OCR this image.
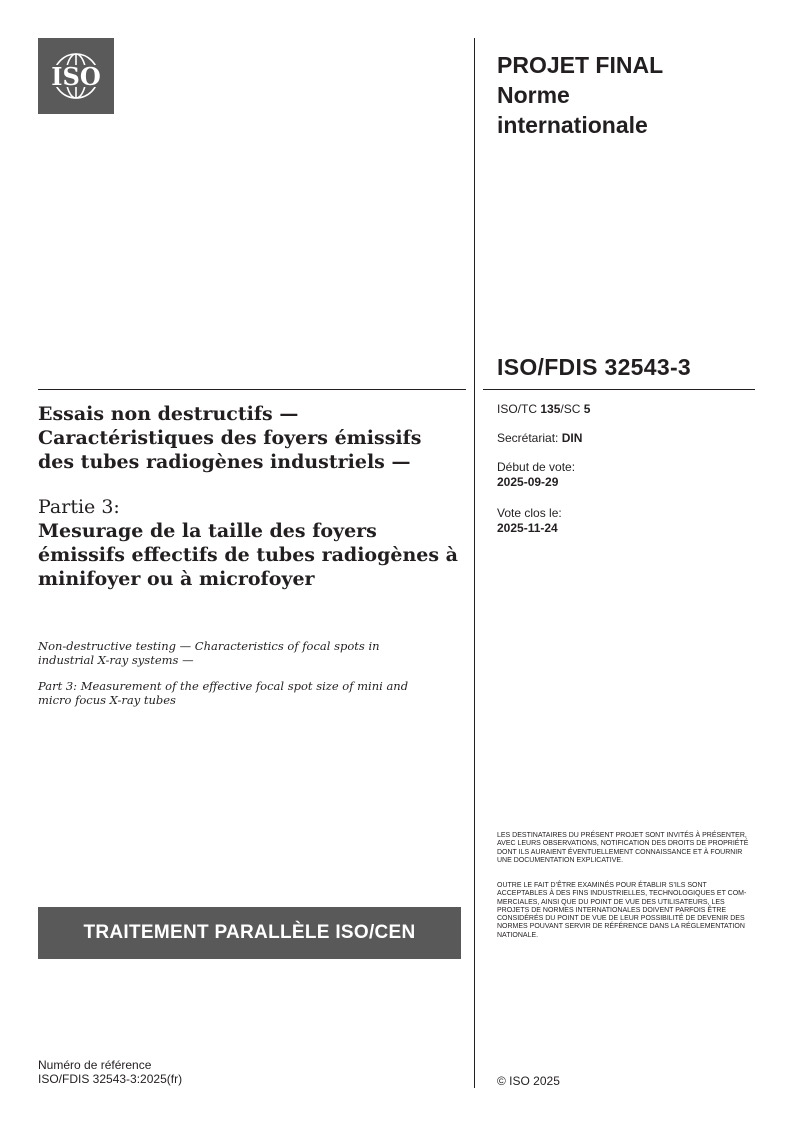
ISO	PROJET FINAL
Norme internationale
ISO/FDIS 32543-3
Essais non destructifs — Caractéristiques des foyers émissifs des tubes radiogènes industriels —
Partie 3:
Mesurage de la taille des foyers émissifs effectifs de tubes radiogènes à minifoyer ou à microfoyer
Non-destructive testing — Characteristics of focal spots in industrial X-ray systems —
Part 3: Measurement of the effective focal spot size of mini and micro focus X-ray tubes
ISO/TC 135/SC 5
Secrétariat: DIN
Début de vote:
2025-09-29
Vote clos le:
2025-11-24
LES DESTINATAIRES DU PRÉSENT PROJET SONT INVITÉS À PRÉSENTER, AVEC LEURS OBSERVATIONS, NOTIFICATION DES DROITS DE PROPRIÉTÉ DONT ILS AURAIENT ÉVENTUELLEMENT CONNAISSANCE ET À FOURNIR UNE DOCUMENTATION EXPLICATIVE.
OUTRE LE FAIT D’ÊTRE EXAMINÉS POUR ÉTABLIR S’ILS SONT ACCEPTABLES À DES FINS INDUSTRIELLES, TECHNOLOGIQUES ET COM-MERCIALES, AINSI QUE DU POINT DE VUE DES UTILISATEURS, LES PROJETS DE NORMES INTERNATIONALES DOIVENT PARFOIS ÊTRE CONSIDÉRÉS DU POINT DE VUE DE LEUR POSSIBILITÉ DE DEVENIR DES NORMES POUVANT SERVIR DE RÉFÉRENCE DANS LA RÉGLEMENTATION NATIONALE.
TRAITEMENT PARALLÈLE ISO/CEN
Numéro de référence
ISO/FDIS 32543-3:2025(fr)	© ISO 2025
